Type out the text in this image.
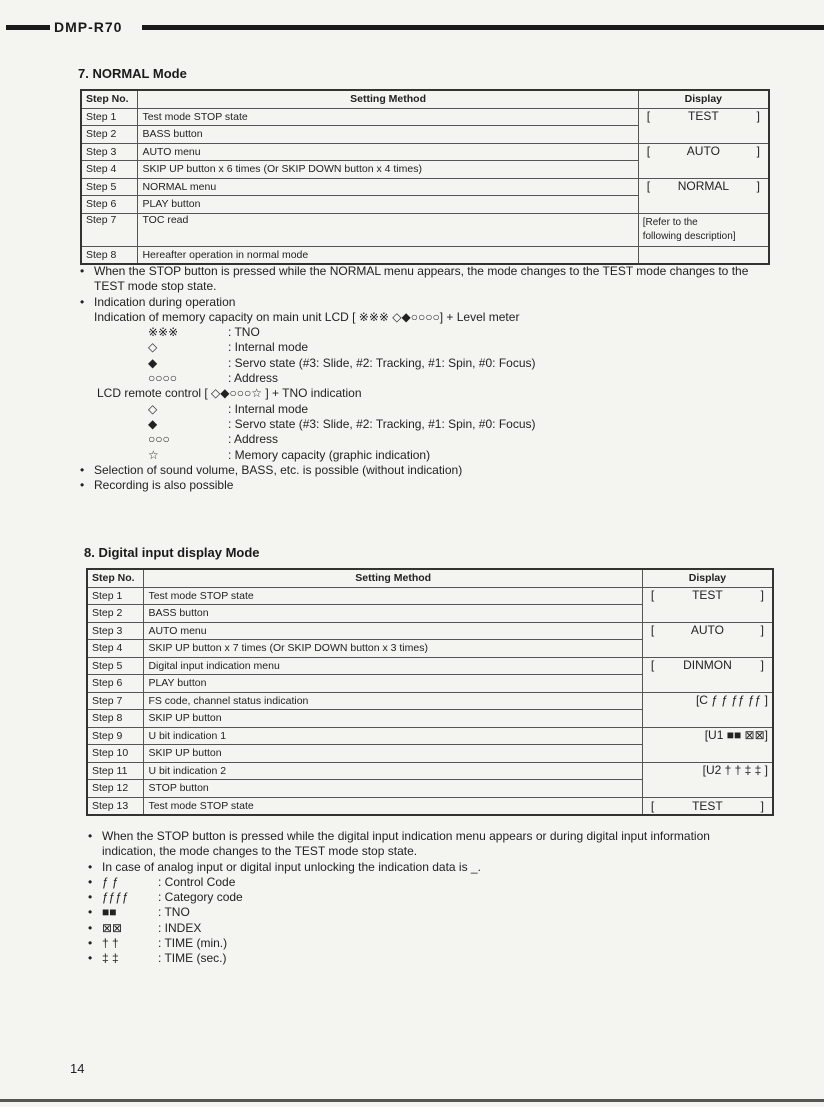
DMP-R70
7. NORMAL Mode
Step No.	Setting Method	Display
Step 1	Test mode STOP state	[ TEST ]

Step 2	BASS button	
Step 3	AUTO menu	[ AUTO ]

Step 4	SKIP UP button x 6 times (Or SKIP DOWN button x 4 times)	
Step 5	NORMAL menu	[ NORMAL ]

Step 6	PLAY button	
Step 7	TOC read	[Refer to the
following description]

Step 8	Hereafter operation in normal mode	
• When the STOP button is pressed while the NORMAL menu appears, the mode changes to the TEST mode changes to the
TEST mode stop state.
• Indication during operation
Indication of memory capacity on main unit LCD [ ※※※ ◇◆○○○○] + Level meter
※※※	: TNO
◇	: Internal mode
◆	: Servo state (#3: Slide, #2: Tracking, #1: Spin, #0: Focus)
○○○○	: Address
LCD remote control [ ◇◆○○○☆ ] + TNO indication
◇	: Internal mode
◆	: Servo state (#3: Slide, #2: Tracking, #1: Spin, #0: Focus)
○○○	: Address
☆	: Memory capacity (graphic indication)
• Selection of sound volume, BASS, etc. is possible (without indication)
• Recording is also possible
8. Digital input display Mode
Step No.	Setting Method	Display
Step 1	Test mode STOP state	[ TEST ]

Step 2	BASS button	
Step 3	AUTO menu	[ AUTO ]

Step 4	SKIP UP button x 7 times (Or SKIP DOWN button x 3 times)	
Step 5	Digital input indication menu	[ DINMON ]

Step 6	PLAY button	
Step 7	FS code, channel status indication	[C ƒ ƒ ƒƒ ƒƒ ]
Step 8	SKIP UP button	
Step 9	U bit indication 1	[U1 ■■ ⊠⊠]
Step 10	SKIP UP button	
Step 11	U bit indication 2	[U2 † † ‡ ‡ ]
Step 12	STOP button	
Step 13	Test mode STOP state	[ TEST ]
• When the STOP button is pressed while the digital input indication menu appears or during digital input information
indication, the mode changes to the TEST mode stop state.
• In case of analog input or digital input unlocking the indication data is _.
• ƒ ƒ	: Control Code
• ƒƒƒƒ	: Category code
• ■■	: TNO
• ⊠⊠	: INDEX
• † †	: TIME (min.)
• ‡ ‡	: TIME (sec.)
14
